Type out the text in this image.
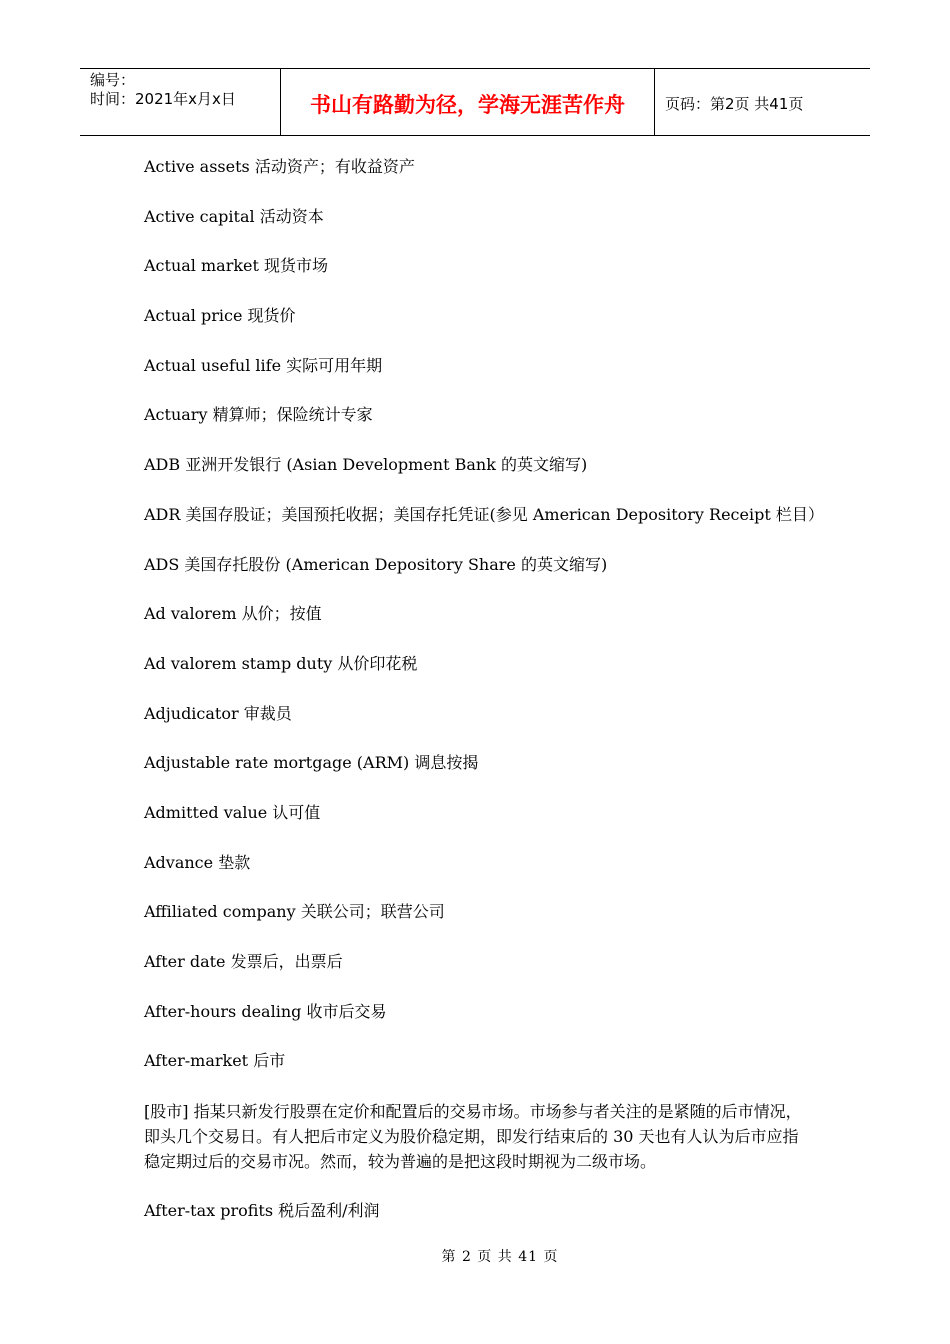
编号：
时间：2021年x月x日	书山有路勤为径，学海无涯苦作舟	页码：第2页 共41页
Active assets 活动资产；有收益资产
Active capital 活动资本
Actual market 现货市场
Actual price 现货价
Actual useful life 实际可用年期
Actuary 精算师；保险统计专家
ADB 亚洲开发银行 (Asian Development Bank 的英文缩写)
ADR 美国存股证；美国预托收据；美国存托凭证(参见 American Depository Receipt 栏目）
ADS 美国存托股份 (American Depository Share 的英文缩写)
Ad valorem 从价；按值
Ad valorem stamp duty 从价印花税
Adjudicator 审裁员
Adjustable rate mortgage (ARM) 调息按揭
Admitted value 认可值
Advance 垫款
Affiliated company 关联公司；联营公司
After date 发票后，出票后
After-hours dealing 收市后交易
After-market 后市
[股市] 指某只新发行股票在定价和配置后的交易市场。市场参与者关注的是紧随的后市情况，即头几个交易日。有人把后市定义为股价稳定期，即发行结束后的 30 天也有人认为后市应指稳定期过后的交易市况。然而，较为普遍的是把这段时期视为二级市场。
After-tax profits 税后盈利/利润
第 2 页 共 41 页
